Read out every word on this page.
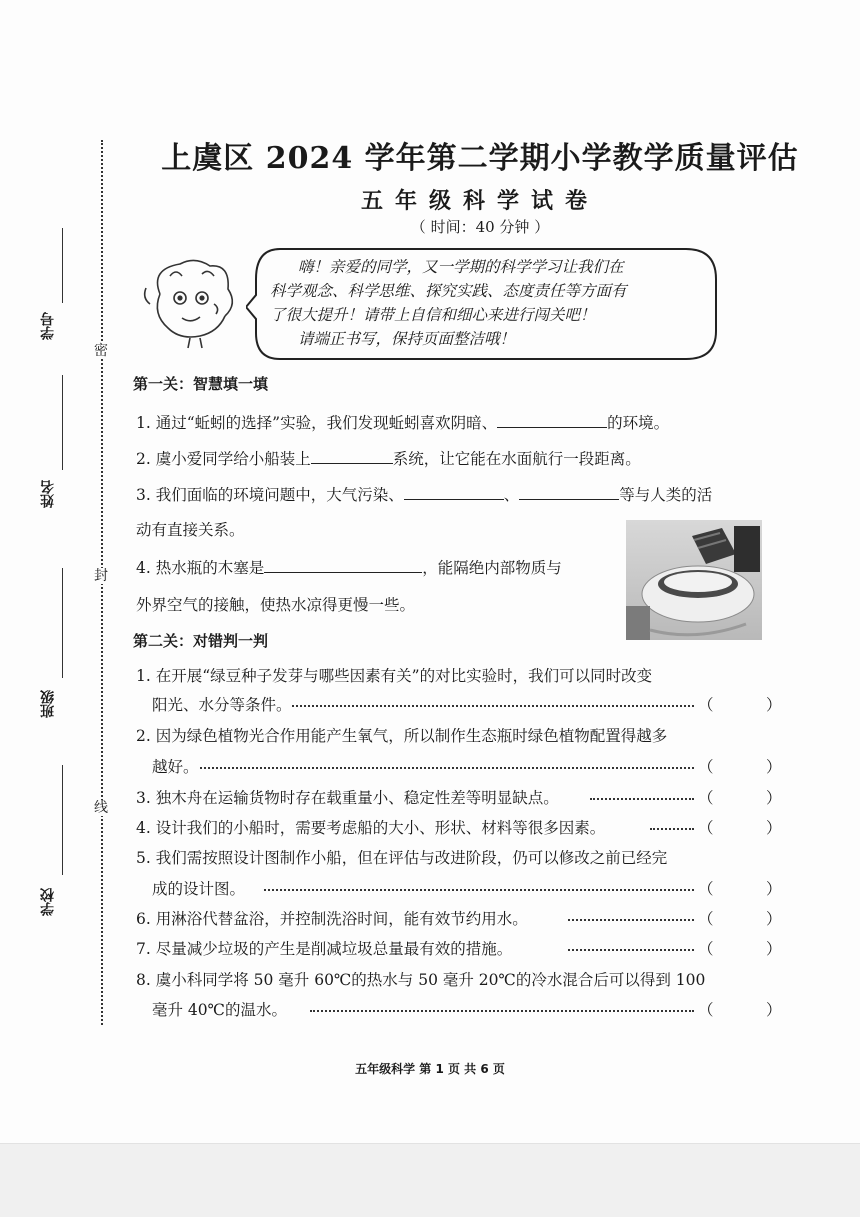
密
封
线
学号
姓名
班级
学校
上虞区 2024 学年第二学期小学教学质量评估
五年级科学试卷
（ 时间：40 分钟 ）
嗨！亲爱的同学，又一学期的科学学习让我们在
科学观念、科学思维、探究实践、态度责任等方面有
了很大提升！请带上自信和细心来进行闯关吧！
请端正书写，保持页面整洁哦！
第一关：智慧填一填
1. 通过“蚯蚓的选择”实验，我们发现蚯蚓喜欢阴暗、	的环境。
2. 虞小爱同学给小船装上	系统，让它能在水面航行一段距离。
3. 我们面临的环境问题中，大气污染、	、	等与人类的活
动有直接关系。
4. 热水瓶的木塞是	，能隔绝内部物质与
外界空气的接触，使热水凉得更慢一些。
第二关：对错判一判
1. 在开展“绿豆种子发芽与哪些因素有关”的对比实验时，我们可以同时改变
阳光、水分等条件。	（	）
2. 因为绿色植物光合作用能产生氧气，所以制作生态瓶时绿色植物配置得越多
越好。	（	）
3. 独木舟在运输货物时存在载重量小、稳定性差等明显缺点。	（	）
4. 设计我们的小船时，需要考虑船的大小、形状、材料等很多因素。	（	）
5. 我们需按照设计图制作小船，但在评估与改进阶段，仍可以修改之前已经完
成的设计图。	（	）
6. 用淋浴代替盆浴，并控制洗浴时间，能有效节约用水。	（	）
7. 尽量减少垃圾的产生是削减垃圾总量最有效的措施。	（	）
8. 虞小科同学将 50 毫升 60℃的热水与 50 毫升 20℃的冷水混合后可以得到 100
毫升 40℃的温水。	（	）
五年级科学 第 1 页 共 6 页
